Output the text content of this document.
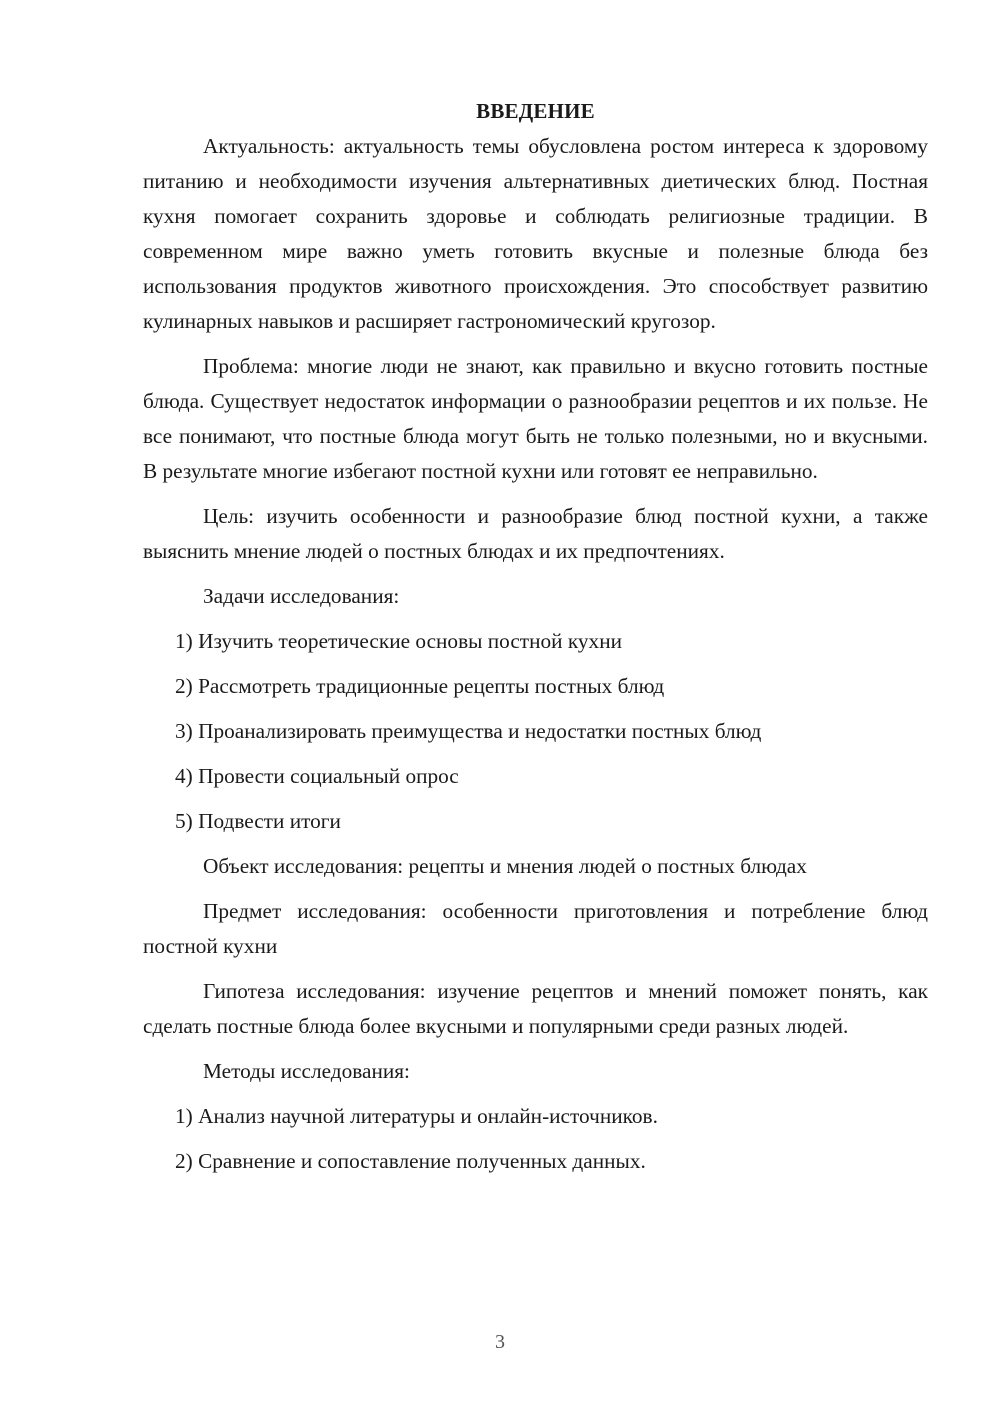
ВВЕДЕНИЕ

Актуальность: актуальность темы обусловлена ростом интереса к здоровому питанию и необходимости изучения альтернативных диетических блюд. Постная кухня помогает сохранить здоровье и соблюдать религиозные традиции. В современном мире важно уметь готовить вкусные и полезные блюда без использования продуктов животного происхождения. Это способствует развитию кулинарных навыков и расширяет гастрономический кругозор.

Проблема: многие люди не знают, как правильно и вкусно готовить постные блюда. Существует недостаток информации о разнообразии рецептов и их пользе. Не все понимают, что постные блюда могут быть не только полезными, но и вкусными. В результате многие избегают постной кухни или готовят ее неправильно.

Цель: изучить особенности и разнообразие блюд постной кухни, а также выяснить мнение людей о постных блюдах и их предпочтениях.

Задачи исследования:

1) Изучить теоретические основы постной кухни

2) Рассмотреть традиционные рецепты постных блюд

3) Проанализировать преимущества и недостатки постных блюд

4) Провести социальный опрос

5) Подвести итоги

Объект исследования: рецепты и мнения людей о постных блюдах

Предмет исследования: особенности приготовления и потребление блюд постной кухни

Гипотеза исследования: изучение рецептов и мнений поможет понять, как сделать постные блюда более вкусными и популярными среди разных людей.

Методы исследования:

1) Анализ научной литературы и онлайн-источников.

2) Сравнение и сопоставление полученных данных.

3
